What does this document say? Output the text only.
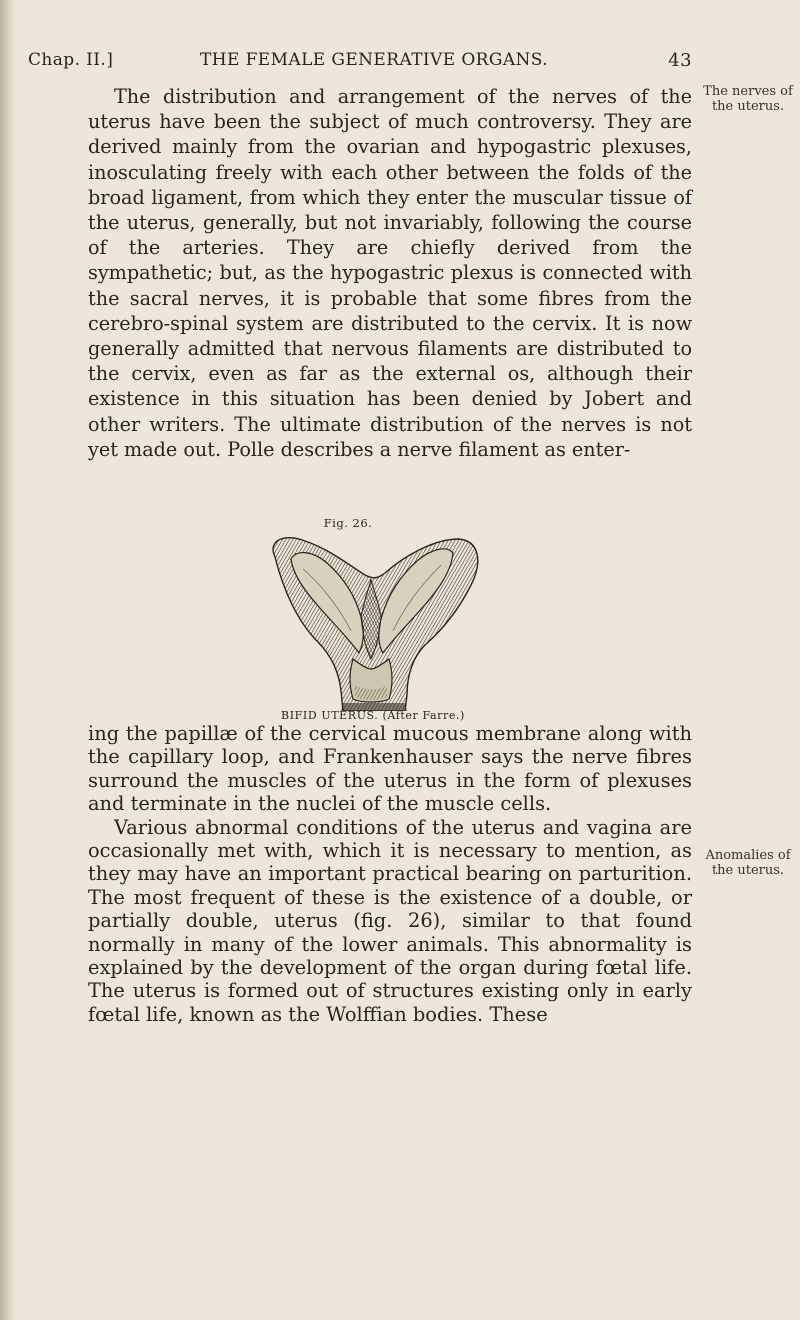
Chap. II.]	THE FEMALE GENERATIVE ORGANS.	43
The nerves of the uterus.

The distribution and arrangement of the nerves of the uterus have been the subject of much controversy. They are derived mainly from the ovarian and hypogastric plexuses, inosculating freely with each other between the folds of the broad ligament, from which they enter the muscular tissue of the uterus, generally, but not invariably, following the course of the arteries. They are chiefly derived from the sympathetic; but, as the hypogastric plexus is connected with the sacral nerves, it is probable that some fibres from the cerebro-spinal system are distributed to the cervix. It is now generally admitted that nervous filaments are distributed to the cervix, even as far as the external os, although their existence in this situation has been denied by Jobert and other writers. The ultimate distribution of the nerves is not yet made out. Polle describes a nerve filament as enter-

Fig. 26.
BIFID UTERUS. (After Farre.)

ing the papillæ of the cervical mucous membrane along with the capillary loop, and Frankenhauser says the nerve fibres surround the muscles of the uterus in the form of plexuses and terminate in the nuclei of the muscle cells.

Various abnormal conditions of the uterus and vagina are occasionally met with, which it is necessary to mention, as they may have an important practical bearing on parturition. The most frequent of these is the existence of a double, or partially double, uterus (fig. 26), similar to that found normally in many of the lower animals. This abnormality is explained by the development of the organ during fœtal life. The uterus is formed out of structures existing only in early fœtal life, known as the Wolffian bodies. These

Anomalies of the uterus.
